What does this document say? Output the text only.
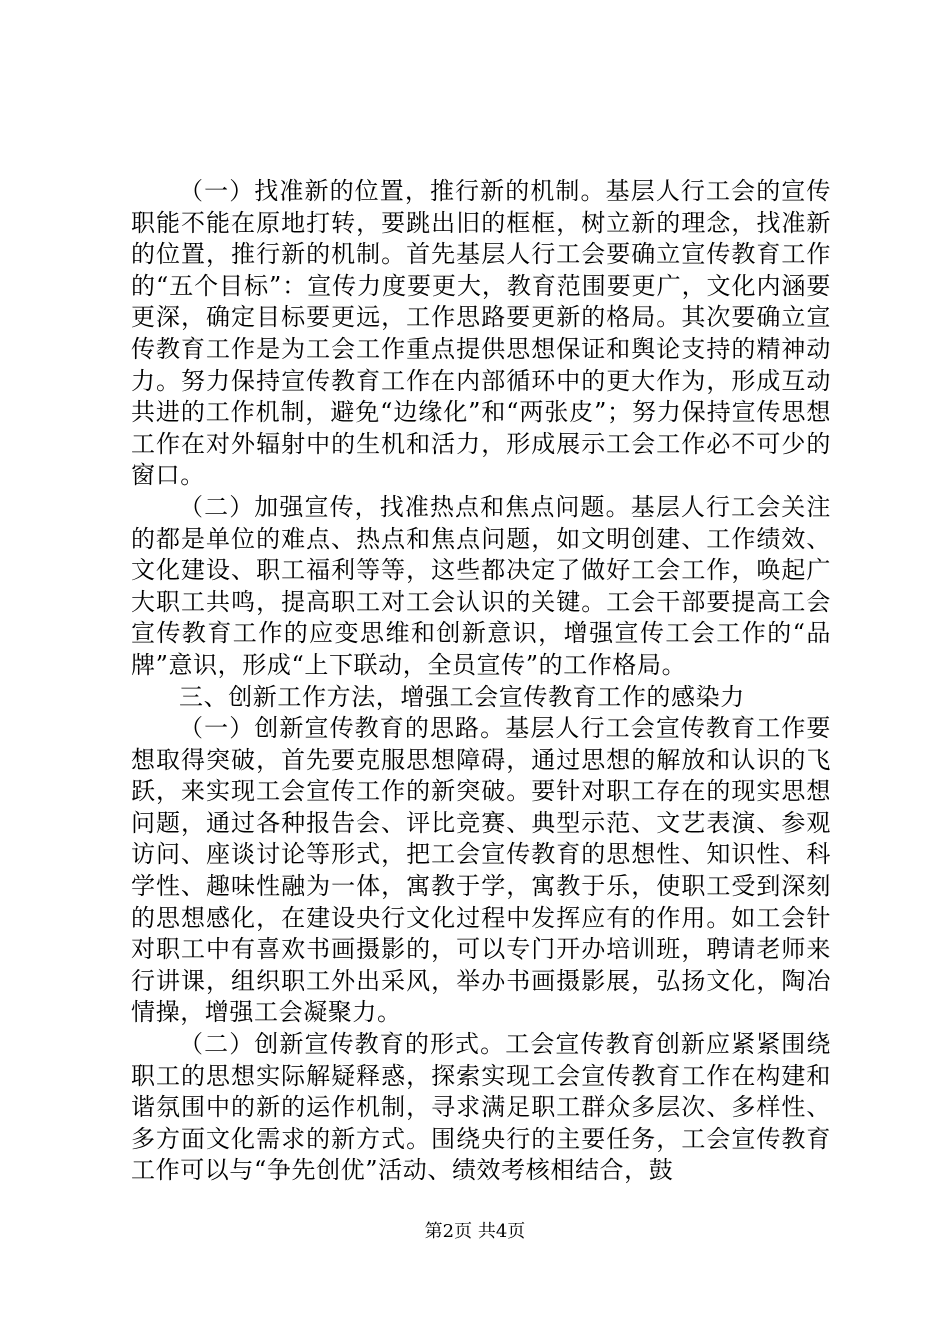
（一）找准新的位置，推行新的机制。基层人行工会的宣传职能不能在原地打转，要跳出旧的框框，树立新的理念，找准新的位置，推行新的机制。首先基层人行工会要确立宣传教育工作的“五个目标”：宣传力度要更大，教育范围要更广，文化内涵要更深，确定目标要更远，工作思路要更新的格局。其次要确立宣传教育工作是为工会工作重点提供思想保证和舆论支持的精神动力。努力保持宣传教育工作在内部循环中的更大作为，形成互动共进的工作机制，避免“边缘化”和“两张皮”；努力保持宣传思想工作在对外辐射中的生机和活力，形成展示工会工作必不可少的窗口。

（二）加强宣传，找准热点和焦点问题。基层人行工会关注的都是单位的难点、热点和焦点问题，如文明创建、工作绩效、文化建设、职工福利等等，这些都决定了做好工会工作，唤起广大职工共鸣，提高职工对工会认识的关键。工会干部要提高工会宣传教育工作的应变思维和创新意识，增强宣传工会工作的“品牌”意识，形成“上下联动，全员宣传”的工作格局。

三、创新工作方法，增强工会宣传教育工作的感染力

（一）创新宣传教育的思路。基层人行工会宣传教育工作要想取得突破，首先要克服思想障碍，通过思想的解放和认识的飞跃，来实现工会宣传工作的新突破。要针对职工存在的现实思想问题，通过各种报告会、评比竞赛、典型示范、文艺表演、参观访问、座谈讨论等形式，把工会宣传教育的思想性、知识性、科学性、趣味性融为一体，寓教于学，寓教于乐，使职工受到深刻的思想感化，在建设央行文化过程中发挥应有的作用。如工会针对职工中有喜欢书画摄影的，可以专门开办培训班，聘请老师来行讲课，组织职工外出采风，举办书画摄影展，弘扬文化，陶冶情操，增强工会凝聚力。

（二）创新宣传教育的形式。工会宣传教育创新应紧紧围绕职工的思想实际解疑释惑，探索实现工会宣传教育工作在构建和谐氛围中的新的运作机制，寻求满足职工群众多层次、多样性、多方面文化需求的新方式。围绕央行的主要任务，工会宣传教育工作可以与“争先创优”活动、绩效考核相结合，鼓

第2页 共4页
